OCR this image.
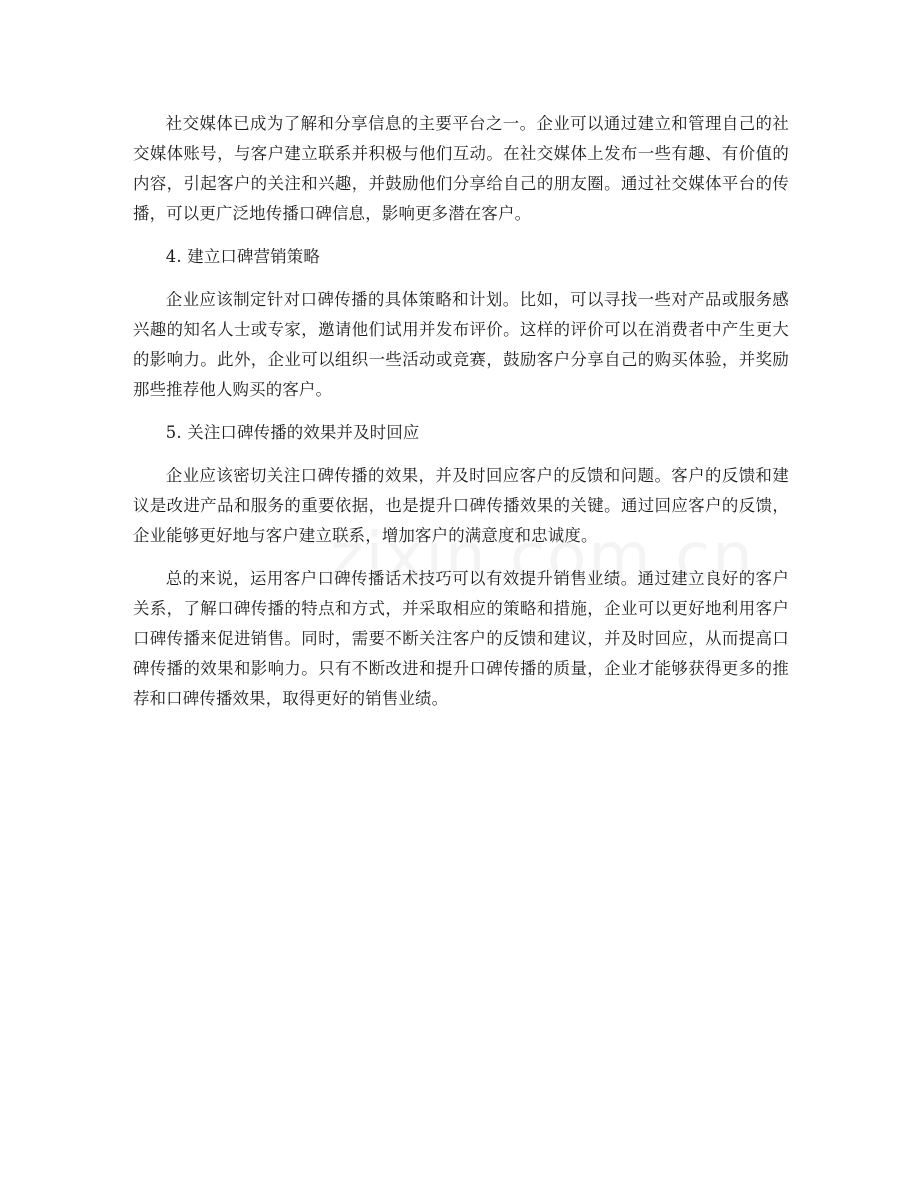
社交媒体已成为了解和分享信息的主要平台之一。企业可以通过建立和管理自己的社交媒体账号，与客户建立联系并积极与他们互动。在社交媒体上发布一些有趣、有价值的内容，引起客户的关注和兴趣，并鼓励他们分享给自己的朋友圈。通过社交媒体平台的传播，可以更广泛地传播口碑信息，影响更多潜在客户。

4. 建立口碑营销策略

企业应该制定针对口碑传播的具体策略和计划。比如，可以寻找一些对产品或服务感兴趣的知名人士或专家，邀请他们试用并发布评价。这样的评价可以在消费者中产生更大的影响力。此外，企业可以组织一些活动或竞赛，鼓励客户分享自己的购买体验，并奖励那些推荐他人购买的客户。

5. 关注口碑传播的效果并及时回应

企业应该密切关注口碑传播的效果，并及时回应客户的反馈和问题。客户的反馈和建议是改进产品和服务的重要依据，也是提升口碑传播效果的关键。通过回应客户的反馈，企业能够更好地与客户建立联系，增加客户的满意度和忠诚度。

总的来说，运用客户口碑传播话术技巧可以有效提升销售业绩。通过建立良好的客户关系，了解口碑传播的特点和方式，并采取相应的策略和措施，企业可以更好地利用客户口碑传播来促进销售。同时，需要不断关注客户的反馈和建议，并及时回应，从而提高口碑传播的效果和影响力。只有不断改进和提升口碑传播的质量，企业才能够获得更多的推荐和口碑传播效果，取得更好的销售业绩。
